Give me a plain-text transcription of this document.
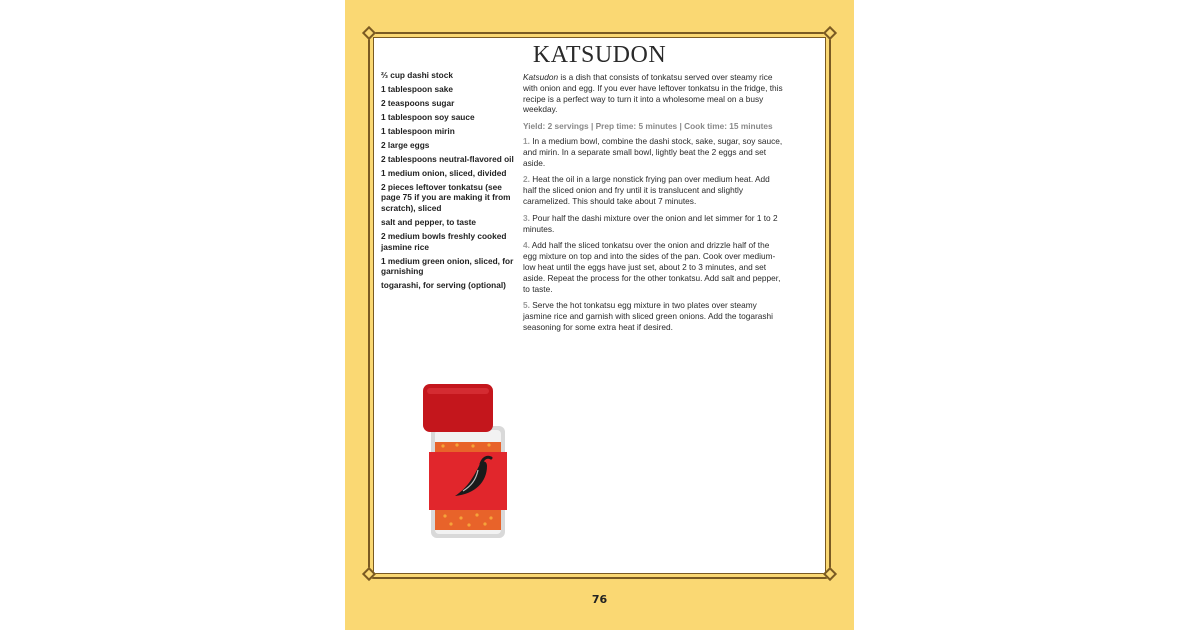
KATSUDON
⅔ cup dashi stock
1 tablespoon sake
2 teaspoons sugar
1 tablespoon soy sauce
1 tablespoon mirin
2 large eggs
2 tablespoons neutral-flavored oil
1 medium onion, sliced, divided
2 pieces leftover tonkatsu (see page 75 if you are making it from scratch), sliced
salt and pepper, to taste
2 medium bowls freshly cooked jasmine rice
1 medium green onion, sliced, for garnishing
togarashi, for serving (optional)

Katsudon is a dish that consists of tonkatsu served over steamy rice with onion and egg. If you ever have leftover tonkatsu in the fridge, this recipe is a perfect way to turn it into a wholesome meal on a busy weekday.

Yield: 2 servings | Prep time: 5 minutes | Cook time: 15 minutes

1. In a medium bowl, combine the dashi stock, sake, sugar, soy sauce, and mirin. In a separate small bowl, lightly beat the 2 eggs and set aside.

2. Heat the oil in a large nonstick frying pan over medium heat. Add half the sliced onion and fry until it is translucent and slightly caramelized. This should take about 7 minutes.

3. Pour half the dashi mixture over the onion and let simmer for 1 to 2 minutes.

4. Add half the sliced tonkatsu over the onion and drizzle half of the egg mixture on top and into the sides of the pan. Cook over medium-low heat until the eggs have just set, about 2 to 3 minutes, and set aside. Repeat the process for the other tonkatsu. Add salt and pepper, to taste.

5. Serve the hot tonkatsu egg mixture in two plates over steamy jasmine rice and garnish with sliced green onions. Add the togarashi seasoning for some extra heat if desired.

76
